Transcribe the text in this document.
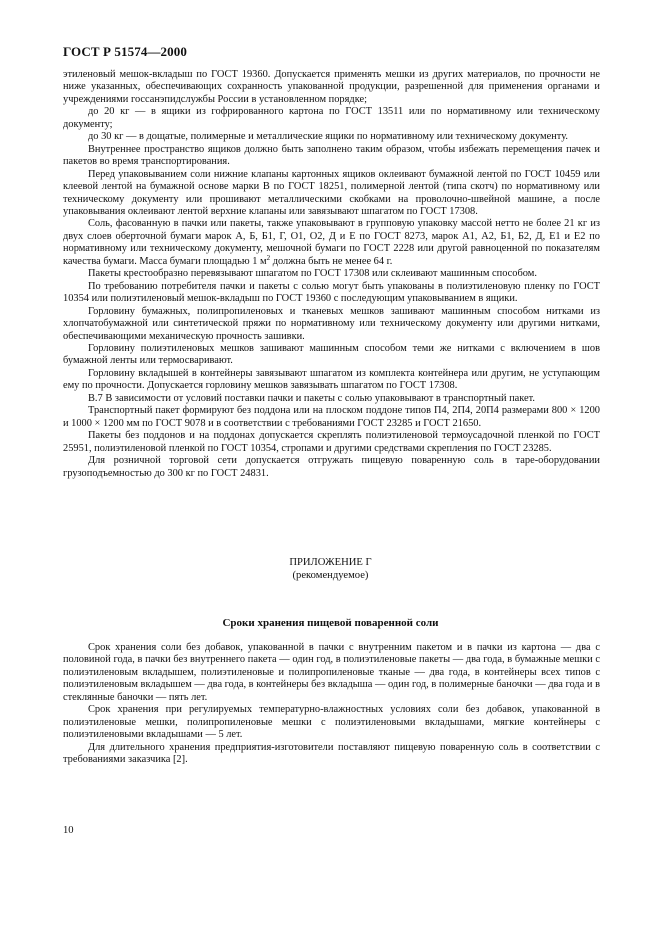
ГОСТ Р 51574—2000

этиленовый мешок-вкладыш по ГОСТ 19360. Допускается применять мешки из других материалов, по прочности не ниже указанных, обеспечивающих сохранность упакованной продукции, разрешенной для применения органами и учреждениями госсанэпидслужбы России в установленном порядке;

до 20 кг — в ящики из гофрированного картона по ГОСТ 13511 или по нормативному или техническому документу;

до 30 кг — в дощатые, полимерные и металлические ящики по нормативному или техническому документу.

Внутреннее пространство ящиков должно быть заполнено таким образом, чтобы избежать перемещения пачек и пакетов во время транспортирования.

Перед упаковыванием соли нижние клапаны картонных ящиков оклеивают бумажной лентой по ГОСТ 10459 или клеевой лентой на бумажной основе марки В по ГОСТ 18251, полимерной лентой (типа скотч) по нормативному или техническому документу или прошивают металлическими скобками на проволочно-швейной машине, а после упаковывания оклеивают лентой верхние клапаны или завязывают шпагатом по ГОСТ 17308.

Соль, фасованную в пачки или пакеты, также упаковывают в групповую упаковку массой нетто не более 21 кг из двух слоев оберточной бумаги марок А, Б, Б1, Г, О1, О2, Д и Е по ГОСТ 8273, марок А1, А2, Б1, Б2, Д, Е1 и Е2 по нормативному или техническому документу, мешочной бумаги по ГОСТ 2228 или другой равноценной по показателям качества бумаги. Масса бумаги площадью 1 $м^2$ должна быть не менее 64 г.

Пакеты крестообразно перевязывают шпагатом по ГОСТ 17308 или склеивают машинным способом.

По требованию потребителя пачки и пакеты с солью могут быть упакованы в полиэтиленовую пленку по ГОСТ 10354 или полиэтиленовый мешок-вкладыш по ГОСТ 19360 с последующим упаковыванием в ящики.

Горловину бумажных, полипропиленовых и тканевых мешков зашивают машинным способом нитками из хлопчатобумажной или синтетической пряжи по нормативному или техническому документу или другими нитками, обеспечивающими механическую прочность зашивки.

Горловину полиэтиленовых мешков зашивают машинным способом теми же нитками с включением в шов бумажной ленты или термосваривают.

Горловину вкладышей в контейнеры завязывают шпагатом из комплекта контейнера или другим, не уступающим ему по прочности. Допускается горловину мешков завязывать шпагатом по ГОСТ 17308.

В.7 В зависимости от условий поставки пачки и пакеты с солью упаковывают в транспортный пакет.

Транспортный пакет формируют без поддона или на плоском поддоне типов П4, 2П4, 20П4 размерами 800 × 1200 и 1000 × 1200 мм по ГОСТ 9078 и в соответствии с требованиями ГОСТ 23285 и ГОСТ 21650.

Пакеты без поддонов и на поддонах допускается скреплять полиэтиленовой термоусадочной пленкой по ГОСТ 25951, полиэтиленовой пленкой по ГОСТ 10354, стропами и другими средствами скрепления по ГОСТ 23285.

Для розничной торговой сети допускается отгружать пищевую поваренную соль в таре-оборудовании грузоподъемностью до 300 кг по ГОСТ 24831.

ПРИЛОЖЕНИЕ Г
(рекомендуемое)
Сроки хранения пищевой поваренной соли

Срок хранения соли без добавок, упакованной в пачки с внутренним пакетом и в пачки из картона — два с половиной года, в пачки без внутреннего пакета — один год, в полиэтиленовые пакеты — два года, в бумажные мешки с полиэтиленовым вкладышем, полиэтиленовые и полипропиленовые тканые — два года, в контейнеры всех типов с полиэтиленовым вкладышем — два года, в контейнеры без вкладыша — один год, в полимерные баночки — два года и в стеклянные баночки — пять лет.

Срок хранения при регулируемых температурно-влажностных условиях соли без добавок, упакованной в полиэтиленовые мешки, полипропиленовые мешки с полиэтиленовыми вкладышами, мягкие контейнеры с полиэтиленовыми вкладышами — 5 лет.

Для длительного хранения предприятия-изготовители поставляют пищевую поваренную соль в соответствии с требованиями заказчика [2].

10
